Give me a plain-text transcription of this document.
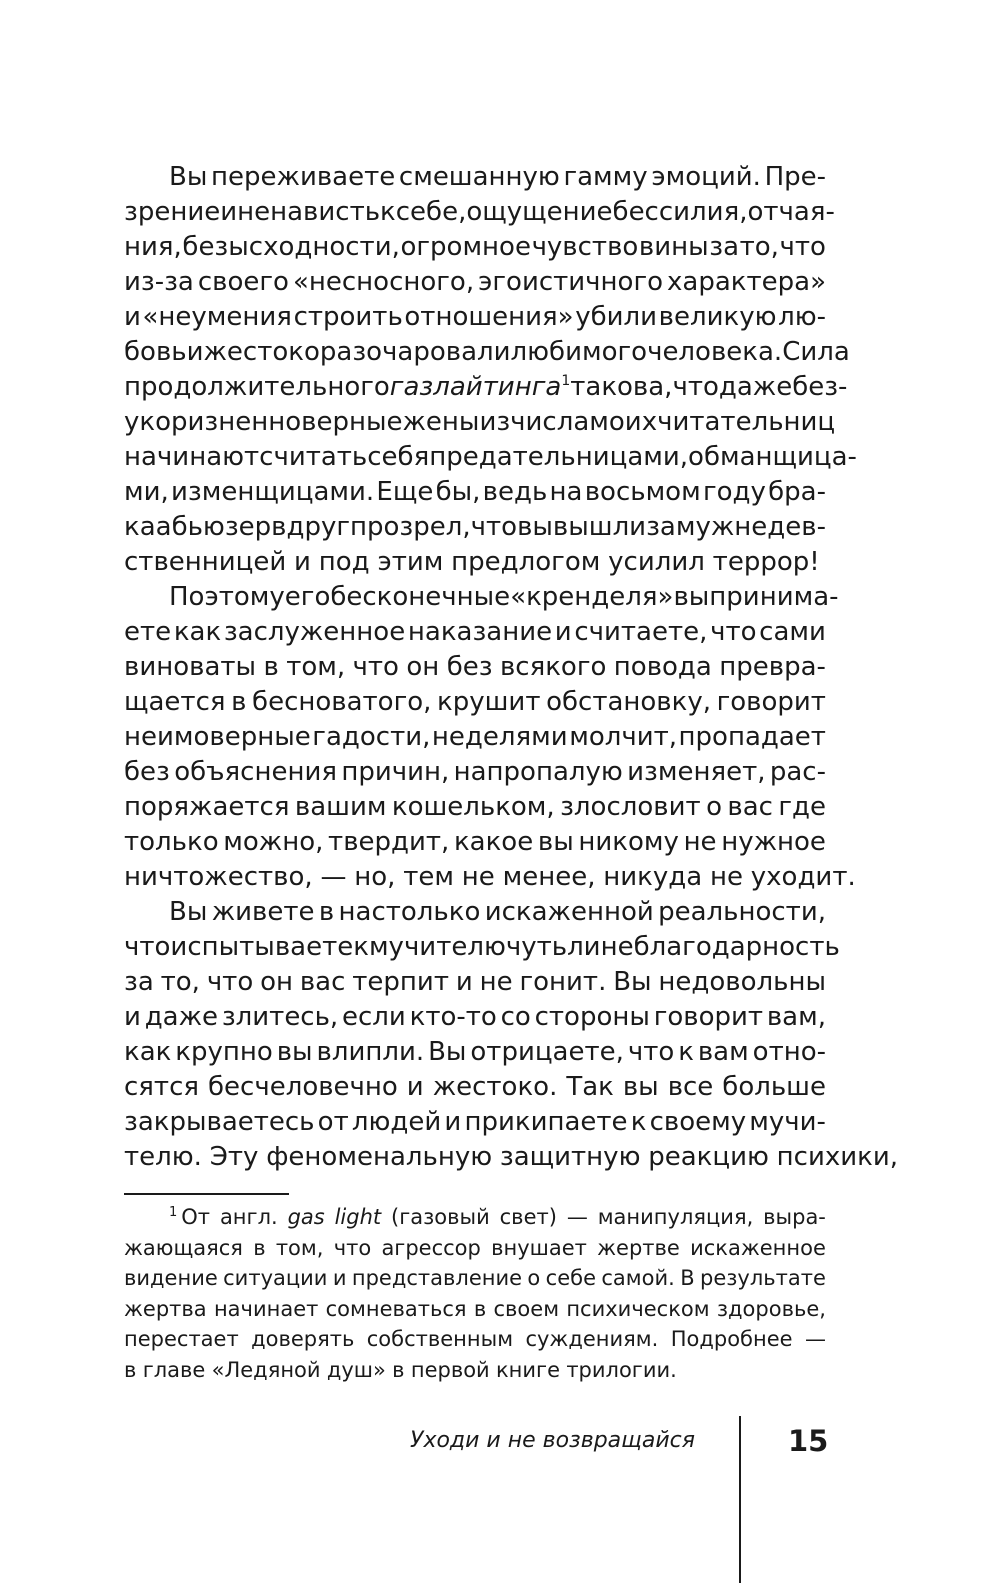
Вы переживаете смешанную гамму эмоций. Пре-
зрение и ненависть к себе, ощущение бессилия, отчая-
ния, безысходности, огромное чувство вины за то, что
из-за своего «несносного, эгоистичного характера»
и «неумения строить отношения» убили великую лю-
бовь и жестоко разочаровали любимого человека. Сила
продолжительного газлайтинга$^1$ такова, что даже без-
укоризненно верные жены из числа моих читательниц
начинают считать себя предательницами, обманщица-
ми, изменщицами. Еще бы, ведь на восьмом году бра-
ка абьюзер вдруг прозрел, что вы вышли замуж не дев-
ственницей и под этим предлогом усилил террор!
Поэтому его бесконечные «кренделя» вы принима-
ете как заслуженное наказание и считаете, что сами
виноваты в том, что он без всякого повода превра-
щается в бесноватого, крушит обстановку, говорит
неимоверные гадости, неделями молчит, пропадает
без объяснения причин, напропалую изменяет, рас-
поряжается вашим кошельком, злословит о вас где
только можно, твердит, какое вы никому не нужное
ничтожество, — но, тем не менее, никуда не уходит.
Вы живете в настолько искаженной реальности,
что испытываете к мучителю чуть ли не благодарность
за то, что он вас терпит и не гонит. Вы недовольны
и даже злитесь, если кто-то со стороны говорит вам,
как крупно вы влипли. Вы отрицаете, что к вам отно-
сятся бесчеловечно и жестоко. Так вы все больше
закрываетесь от людей и прикипаете к своему мучи-
телю. Эту феноменальную защитную реакцию психики,
1 От англ. gas light (газовый свет) — манипуляция, выра-
жающаяся в том, что агрессор внушает жертве искаженное
видение ситуации и представление о себе самой. В результате
жертва начинает сомневаться в своем психическом здоровье,
перестает доверять собственным суждениям. Подробнее —
в главе «Ледяной душ» в первой книге трилогии.
Уходи и не возвращайся	15
